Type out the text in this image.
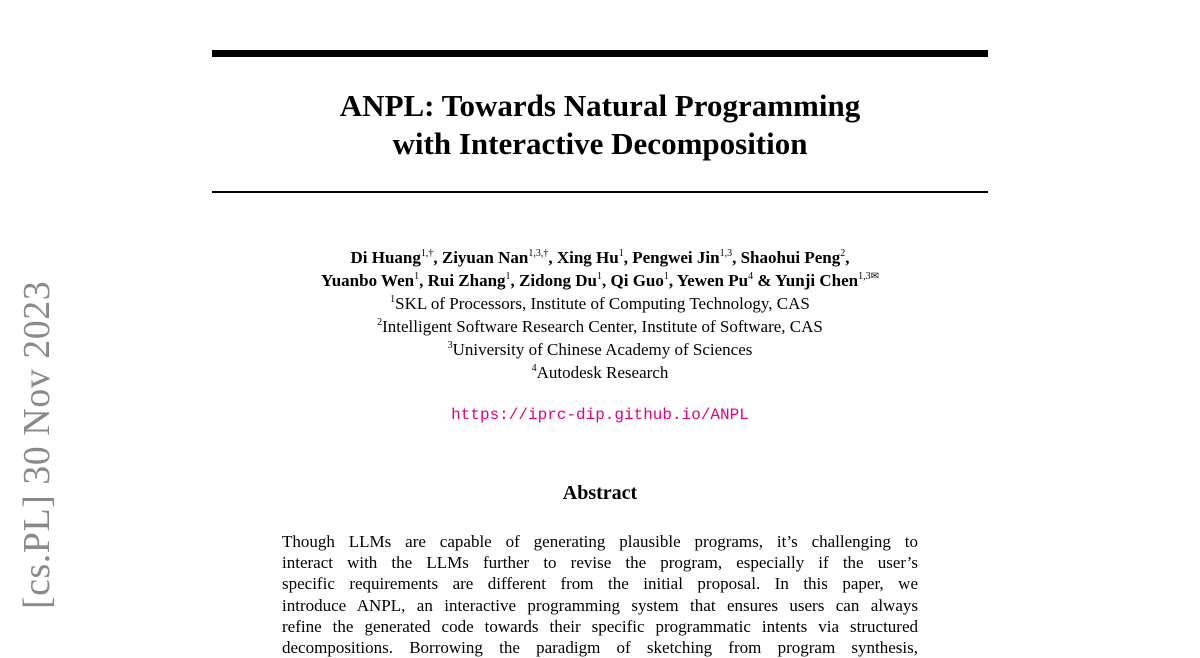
[cs.PL] 30 Nov 2023
ANPL: Towards Natural Programming
with Interactive Decomposition
Di Huang$^{1,\dagger}$, Ziyuan Nan$^{1,3,\dagger}$, Xing Hu$^1$, Pengwei Jin$^{1,3}$, Shaohui Peng$^2$,
Yuanbo Wen$^1$, Rui Zhang$^1$, Zidong Du$^1$, Qi Guo$^1$, Yewen Pu$^4$ & Yunji Chen$^{1,3✉}$
$^1$SKL of Processors, Institute of Computing Technology, CAS
$^2$Intelligent Software Research Center, Institute of Software, CAS
$^3$University of Chinese Academy of Sciences
$^4$Autodesk Research
https://iprc-dip.github.io/ANPL
Abstract
Though LLMs are capable of generating plausible programs, it’s challenging to
interact with the LLMs further to revise the program, especially if the user’s
specific requirements are different from the initial proposal. In this paper, we
introduce ANPL, an interactive programming system that ensures users can always
refine the generated code towards their specific programmatic intents via structured
decompositions. Borrowing the paradigm of sketching from program synthesis,
